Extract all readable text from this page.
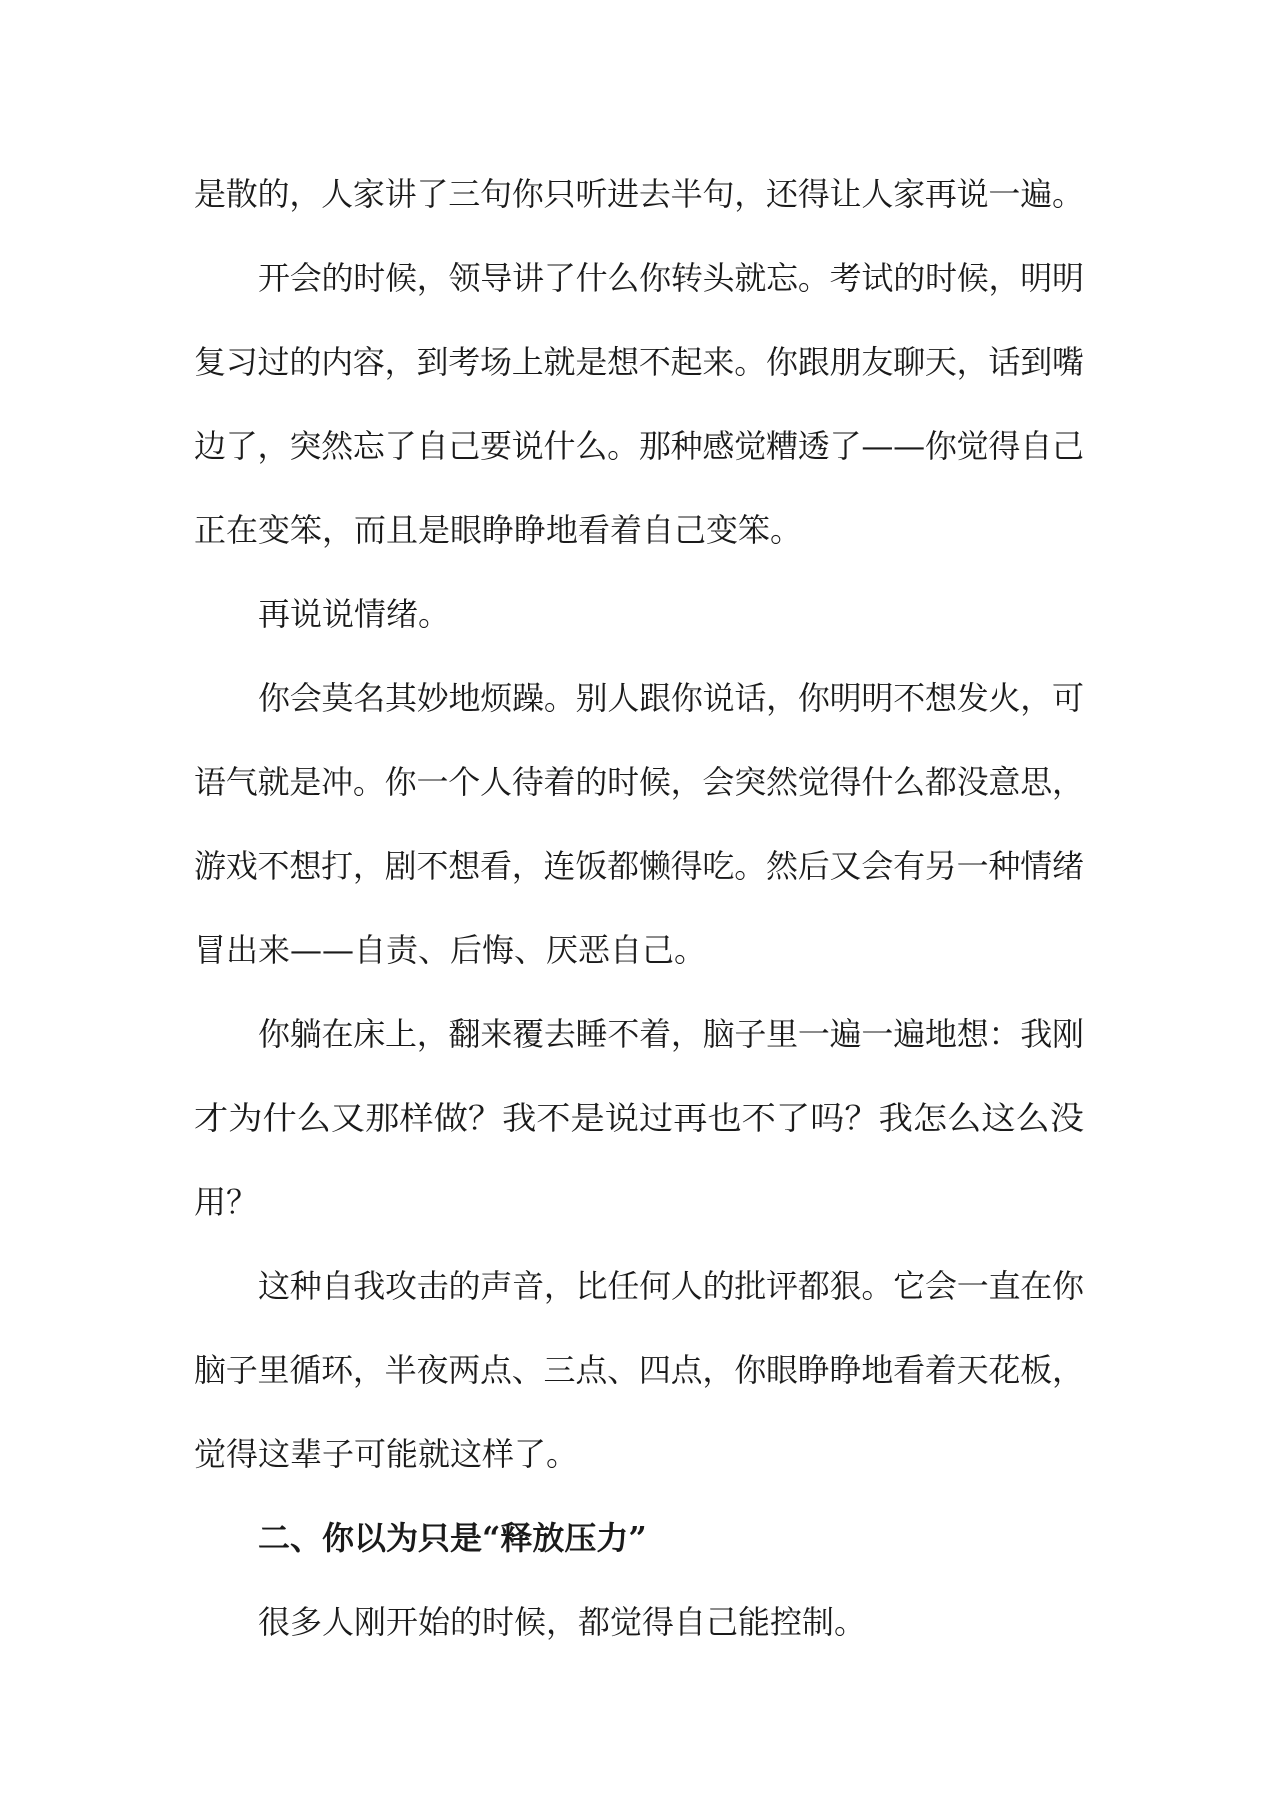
是散的，人家讲了三句你只听进去半句，还得让人家再说一遍。

开会的时候，领导讲了什么你转头就忘。考试的时候，明明

复习过的内容，到考场上就是想不起来。你跟朋友聊天，话到嘴

边了，突然忘了自己要说什么。那种感觉糟透了——你觉得自己

正在变笨，而且是眼睁睁地看着自己变笨。

再说说情绪。

你会莫名其妙地烦躁。别人跟你说话，你明明不想发火，可

语气就是冲。你一个人待着的时候，会突然觉得什么都没意思，

游戏不想打，剧不想看，连饭都懒得吃。然后又会有另一种情绪

冒出来——自责、后悔、厌恶自己。

你躺在床上，翻来覆去睡不着，脑子里一遍一遍地想：我刚

才为什么又那样做？我不是说过再也不了吗？我怎么这么没

用？

这种自我攻击的声音，比任何人的批评都狠。它会一直在你

脑子里循环，半夜两点、三点、四点，你眼睁睁地看着天花板，

觉得这辈子可能就这样了。

二、你以为只是“释放压力”

很多人刚开始的时候，都觉得自己能控制。
